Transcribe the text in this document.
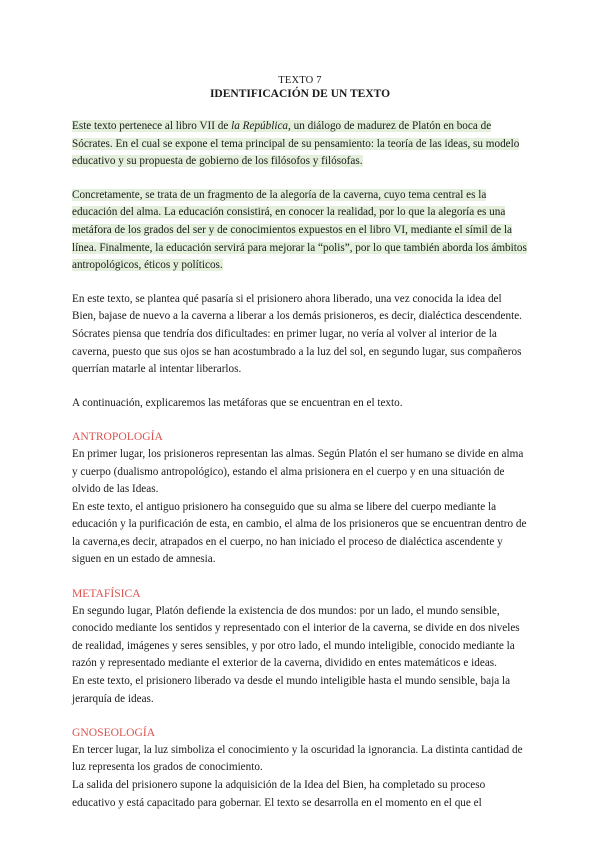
TEXTO 7
IDENTIFICACIÓN DE UN TEXTO

Este texto pertenece al libro VII de la República, un diálogo de madurez de Platón en boca de Sócrates. En el cual se expone el tema principal de su pensamiento: la teoría de las ideas, su modelo educativo y su propuesta de gobierno de los filósofos y filósofas.

Concretamente, se trata de un fragmento de la alegoría de la caverna, cuyo tema central es la educación del alma. La educación consistirá, en conocer la realidad, por lo que la alegoría es una metáfora de los grados del ser y de conocimientos expuestos en el libro VI, mediante el símil de la línea. Finalmente, la educación servirá para mejorar la “polis”, por lo que también aborda los ámbitos antropológicos, éticos y políticos.

En este texto, se plantea qué pasaría si el prisionero ahora liberado, una vez conocida la idea del Bien, bajase de nuevo a la caverna a liberar a los demás prisioneros, es decir, dialéctica descendente. Sócrates piensa que tendría dos dificultades: en primer lugar, no vería al volver al interior de la caverna, puesto que sus ojos se han acostumbrado a la luz del sol, en segundo lugar, sus compañeros querrían matarle al intentar liberarlos.

A continuación, explicaremos las metáforas que se encuentran en el texto.

ANTROPOLOGÍA

En primer lugar, los prisioneros representan las almas. Según Platón el ser humano se divide en alma y cuerpo (dualismo antropológico), estando el alma prisionera en el cuerpo y en una situación de olvido de las Ideas.

En este texto, el antiguo prisionero ha conseguido que su alma se libere del cuerpo mediante la educación y la purificación de esta, en cambio, el alma de los prisioneros que se encuentran dentro de la caverna,es decir, atrapados en el cuerpo, no han iniciado el proceso de dialéctica ascendente y siguen en un estado de amnesia.

METAFÍSICA

En segundo lugar, Platón defiende la existencia de dos mundos: por un lado, el mundo sensible, conocido mediante los sentidos y representado con el interior de la caverna, se divide en dos niveles de realidad, imágenes y seres sensibles, y por otro lado, el mundo inteligible, conocido mediante la razón y representado mediante el exterior de la caverna, dividido en entes matemáticos e ideas.

En este texto, el prisionero liberado va desde el mundo inteligible hasta el mundo sensible, baja la jerarquía de ideas.

GNOSEOLOGÍA

En tercer lugar, la luz simboliza el conocimiento y la oscuridad la ignorancia. La distinta cantidad de luz representa los grados de conocimiento.

La salida del prisionero supone la adquisición de la Idea del Bien, ha completado su proceso educativo y está capacitado para gobernar. El texto se desarrolla en el momento en el que el
